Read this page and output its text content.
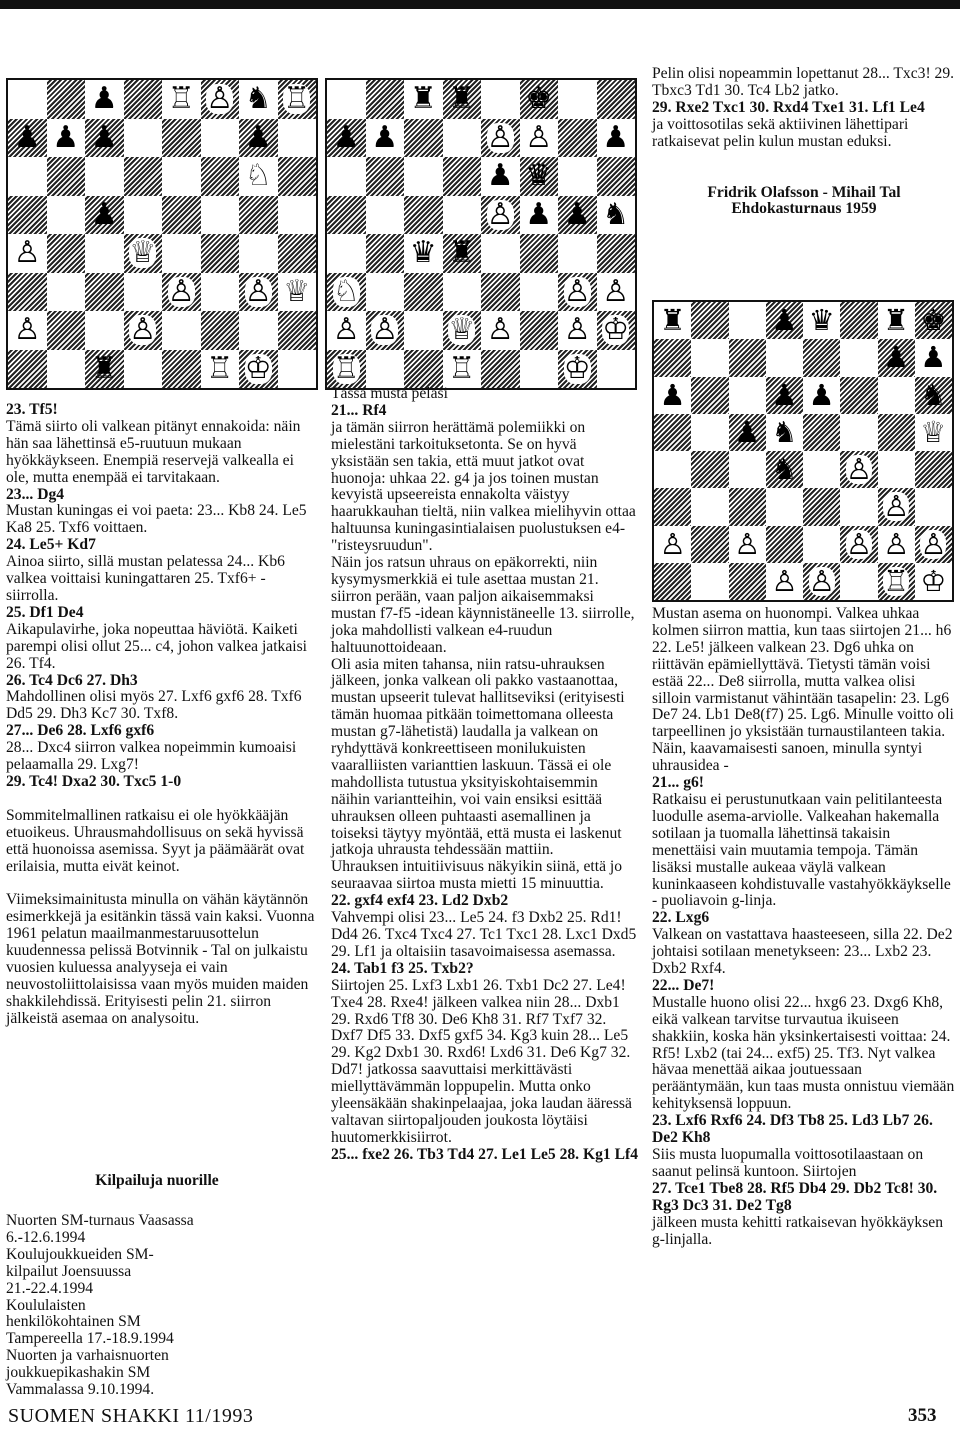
♟ ♖ ♙ ♞ ♖
♟ ♟ ♟	♟
♘
♟
♙	♕
♙ ♙ ♕
♙	♙
♜	♖ ♔
♜ ♜ ♚
♟ ♟	♙ ♙ ♟
♟ ♛
♙ ♟ ♟ ♞
♛ ♜
♘	♙ ♙
♙ ♙ ♕ ♙ ♙ ♔
♖	♖	♔
♜	♟ ♛ ♜ ♚
♟ ♟
♟	♟ ♟	♞
♟ ♞	♕
♞ ♙
♙
♙ ♙	♙ ♙ ♙
♙ ♙ ♖ ♔

Pelin olisi nopeammin lopettanut 28... Txc3! 29. Tbxc3 Td1 30. Tc4 Lb2 jatko.

29. Rxe2 Txc1 30. Rxd4 Txe1 31. Lf1 Le4

ja voittosotilas sekä aktiivinen lähettipari ratkaisevat pelin kulun mustan eduksi.

Fridrik Olafsson - Mihail Tal

Ehdokasturnaus 1959

23. Tf5!

Tämä siirto oli valkean pitänyt ennakoida: näin hän saa lähettinsä e5-ruutuun mukaan hyökkäykseen. Enempiä reservejä valkealla ei ole, mutta enempää ei tarvitakaan.

23... Dg4

Mustan kuningas ei voi paeta: 23... Kb8 24. Le5 Ka8 25. Txf6 voittaen.

24. Le5+ Kd7

Ainoa siirto, sillä mustan pelatessa 24... Kb6 valkea voittaisi kuningattaren 25. Txf6+ -siirrolla.

25. Df1 De4

Aikapulavirhe, joka nopeuttaa häviötä. Kaiketi parempi olisi ollut 25... c4, johon valkea jatkaisi 26. Tf4.

26. Tc4 Dc6 27. Dh3

Mahdollinen olisi myös 27. Lxf6 gxf6 28. Txf6 Dd5 29. Dh3 Kc7 30. Txf8.

27... De6 28. Lxf6 gxf6

28... Dxc4 siirron valkea nopeimmin kumoaisi pelaamalla 29. Lxg7!

29. Tc4! Dxa2 30. Txc5 1-0

Sommitelmallinen ratkaisu ei ole hyökkääjän etuoikeus. Uhrausmahdollisuus on sekä hyvissä että huonoissa asemissa. Syyt ja päämäärät ovat erilaisia, mutta eivät keinot.

Viimeksimainitusta minulla on vähän käytännön esimerkkejä ja esitänkin tässä vain kaksi. Vuonna 1961 pelatun maailmanmestaruusottelun kuudennessa pelissä Botvinnik - Tal on julkaistu vuosien kuluessa analyyseja ei vain neuvostoliittolaisissa vaan myös muiden maiden shakkilehdissä. Erityisesti pelin 21. siirron jälkeistä asemaa on analysoitu.

Kilpailuja nuorille

Nuorten SM-turnaus Vaasassa 6.-12.6.1994

Koulujoukkueiden SM-kilpailut Joensuussa 21.-22.4.1994

Koululaisten henkilökohtainen SM Tampereella 17.-18.9.1994

Nuorten ja varhaisnuorten joukkuepikashakin SM Vammalassa 9.10.1994.

Tässä musta pelasi

21... Rf4

ja tämän siirron herättämä polemiikki on mielestäni tarkoituksetonta. Se on hyvä yksistään sen takia, että muut jatkot ovat huonoja: uhkaa 22. g4 ja jos toinen mustan kevyistä upseereista ennakolta väistyy haarukkauhan tieltä, niin valkea mielihyvin ottaa haltuunsa kuningasintialaisen puolustuksen e4-"risteysruudun".

Näin jos ratsun uhraus on epäkorrekti, niin kysymysmerkkiä ei tule asettaa mustan 21. siirron perään, vaan paljon aikaisemmaksi mustan f7-f5 -idean käynnistäneelle 13. siirrolle, joka mahdollisti valkean e4-ruudun haltuunottoideaan.

Oli asia miten tahansa, niin ratsu-uhrauksen jälkeen, jonka valkean oli pakko vastaanottaa, mustan upseerit tulevat hallitseviksi (erityisesti tämän huomaa pitkään toimettomana olleesta mustan g7-lähetistä) laudalla ja valkean on ryhdyttävä konkreettiseen monilukuisten vaaralliisten varianttien laskuun. Tässä ei ole mahdollista tutustua yksityiskohtaisemmin näihin variantteihin, voi vain ensiksi esittää uhrauksen olleen puhtaasti asemallinen ja toiseksi täytyy myöntää, että musta ei laskenut jatkoja uhrausta tehdessään mattiin.

Uhrauksen intuitiivisuus näkyikin siinä, että jo seuraavaa siirtoa musta mietti 15 minuuttia.

22. gxf4 exf4 23. Ld2 Dxb2

Vahvempi olisi 23... Le5 24. f3 Dxb2 25. Rd1! Dd4 26. Txc4 Txc4 27. Tc1 Txc1 28. Lxc1 Dxd5 29. Lf1 ja oltaisiin tasavoimaisessa asemassa.

24. Tab1 f3 25. Txb2?

Siirtojen 25. Lxf3 Lxb1 26. Txb1 Dc2 27. Le4! Txe4 28. Rxe4! jälkeen valkea niin 28... Dxb1 29. Rxd6 Tf8 30. De6 Kh8 31. Rf7 Txf7 32. Dxf7 Df5 33. Dxf5 gxf5 34. Kg3 kuin 28... Le5 29. Kg2 Dxb1 30. Rxd6! Lxd6 31. De6 Kg7 32. Dd7! jatkossa saavuttaisi merkittävästi miellyttävämmän loppupelin. Mutta onko yleensäkään shakinpelaajaa, joka laudan ääressä valtavan siirtopaljouden joukosta löytäisi huutomerkkisiirrot.

25... fxe2 26. Tb3 Td4 27. Le1 Le5 28. Kg1 Lf4

Mustan asema on huonompi. Valkea uhkaa kolmen siirron mattia, kun taas siirtojen 21... h6 22. Le5! jälkeen valkean 23. Dg6 uhka on riittävän epämiellyttävä. Tietysti tämän voisi estää 22... De8 siirrolla, mutta valkea olisi silloin varmistanut vähintään tasapelin: 23. Lg6 De7 24. Lb1 De8(f7) 25. Lg6. Minulle voitto oli tarpeellinen jo yksistään turnaustilanteen takia.

Näin, kaavamaisesti sanoen, minulla syntyi uhrausidea -

21... g6!

Ratkaisu ei perustunutkaan vain pelitilanteesta luodulle asema-arviolle. Valkeahan hakemalla sotilaan ja tuomalla lähettinsä takaisin menettäisi vain muutamia tempoja. Tämän lisäksi mustalle aukeaa väylä valkean kuninkaaseen kohdistuvalle vastahyökkäykselle - puoliavoin g-linja.

22. Lxg6

Valkean on vastattava haasteeseen, silla 22. De2 johtaisi sotilaan menetykseen: 23... Lxb2 23. Dxb2 Rxf4.

22... De7!

Mustalle huono olisi 22... hxg6 23. Dxg6 Kh8, eikä valkean tarvitse turvautua ikuiseen shakkiin, koska hän yksinkertaisesti voittaa: 24. Rf5! Lxb2 (tai 24... exf5) 25. Tf3. Nyt valkea hävaa menettää aikaa joutuessaan perääntymään, kun taas musta onnistuu viemään kehityksensä loppuun.

23. Lxf6 Rxf6 24. Df3 Tb8 25. Ld3 Lb7 26. De2 Kh8

Siis musta luopumalla voittosotilaastaan on saanut pelinsä kuntoon. Siirtojen

27. Tce1 Tbe8 28. Rf5 Db4 29. Db2 Tc8! 30. Rg3 Dc3 31. De2 Tg8

jälkeen musta kehitti ratkaisevan hyökkäyksen g-linjalla.

SUOMEN SHAKKI 11/1993	353
